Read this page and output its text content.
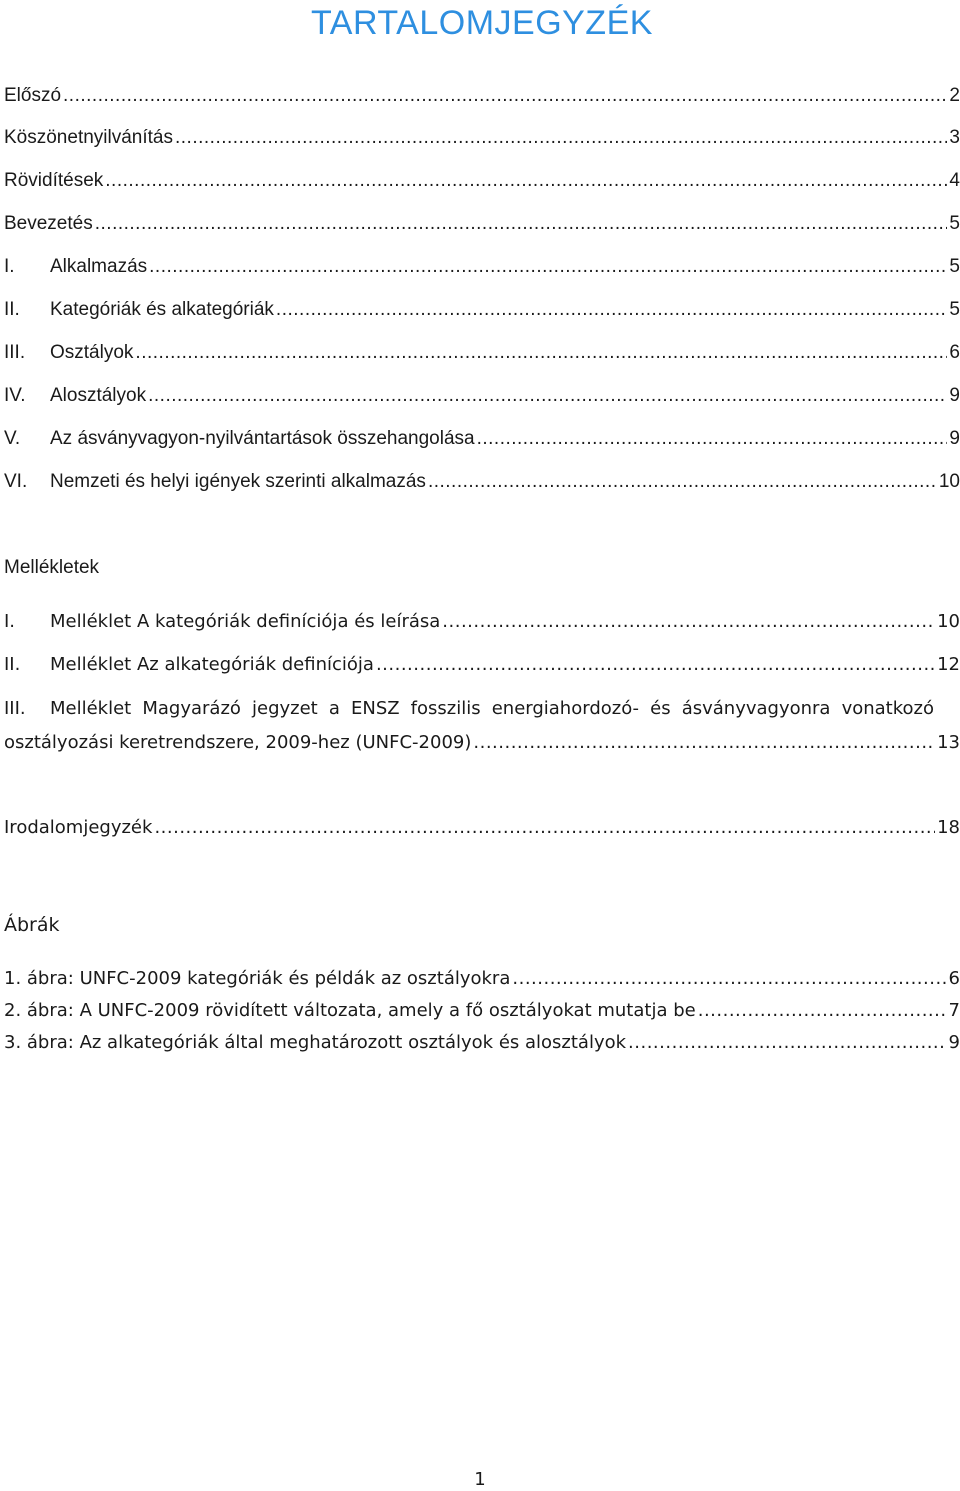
TARTALOMJEGYZÉK
Előszó .....	2
Köszönetnyilvánítás .....	3
Rövidítések .....	4
Bevezetés .....	5
I.	Alkalmazás .....	5
II.	Kategóriák és alkategóriák .....	5
III.	Osztályok .....	6
IV.	Alosztályok .....	9
V.	Az ásványvagyon-nyilvántartások összehangolása .....	9
VI.	Nemzeti és helyi igények szerinti alkalmazás .....	10
Mellékletek
I.	Melléklet A kategóriák definíciója és leírása .....	10
II.	Melléklet Az alkategóriák definíciója .....	12
III.	Melléklet Magyarázó jegyzet a ENSZ fosszilis energiahordozó- és ásványvagyonra vonatkozó
osztályozási keretrendszere, 2009-hez (UNFC-2009) .....	13
Irodalomjegyzék .....	18
Ábrák
1. ábra: UNFC-2009 kategóriák és példák az osztályokra .....	6
2. ábra: A UNFC-2009 rövidített változata, amely a fő osztályokat mutatja be .....	7
3. ábra: Az alkategóriák által meghatározott osztályok és alosztályok .....	9
1
